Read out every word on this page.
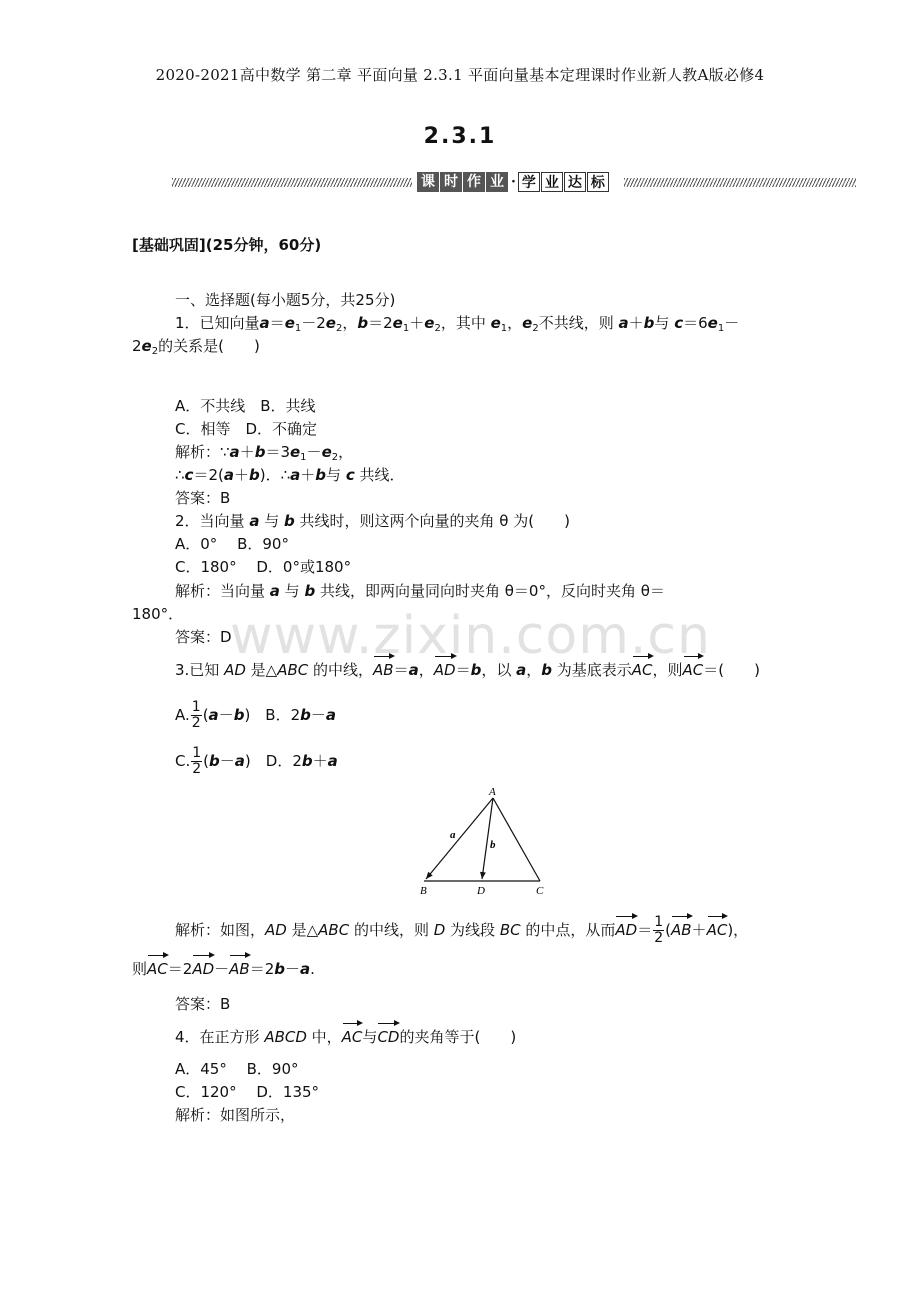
2020-2021高中数学 第二章 平面向量 2.3.1 平面向量基本定理课时作业新人教A版必修4
2.3.1
课 时 作 业 · 学 业 达 标
www.zixin.com.cn
[基础巩固](25分钟，60分)
一、选择题(每小题5分，共25分)
1．已知向量$a=e_1-2e_2$，$b=2e_1+e_2$，其中 $e_1$，$e_2$不共线，则 a＋b与 $c=6e_1-$
$2e_2$的关系是(　　)
A．不共线　B．共线
C．相等　D．不确定
解析：$\because a+b=3e_1-e_2$，
∴c＝2(a＋b)．∴a＋b与 c 共线．
答案：B
2．当向量 a 与 b 共线时，则这两个向量的夹角 θ 为(　　)
A．0°　 B．90°
C．180°　 D．0°或180°
解析：当向量 a 与 b 共线，即两向量同向时夹角 θ＝0°，反向时夹角 θ＝
180°．
答案：D
3.已知 AD 是△ABC 的中线，AB＝a，AD＝b，以 a，b 为基底表示AC，则AC＝(　　)
A. $\frac{1}{2} (a-b)$　B．2b－a
C. $\frac{1}{2} (b-a)$　D．2b＋a
A
B	D	C
a
b
解析：如图，AD 是△ABC 的中线，则 D 为线段 BC 的中点，从而$AD= \frac{1}{2} (AB+AC)$，
则AC＝2AD－AB＝2b－a.
答案：B
4．在正方形 ABCD 中，AC与CD的夹角等于(　　)
A．45°　 B．90°
C．120°　 D．135°
解析：如图所示，
